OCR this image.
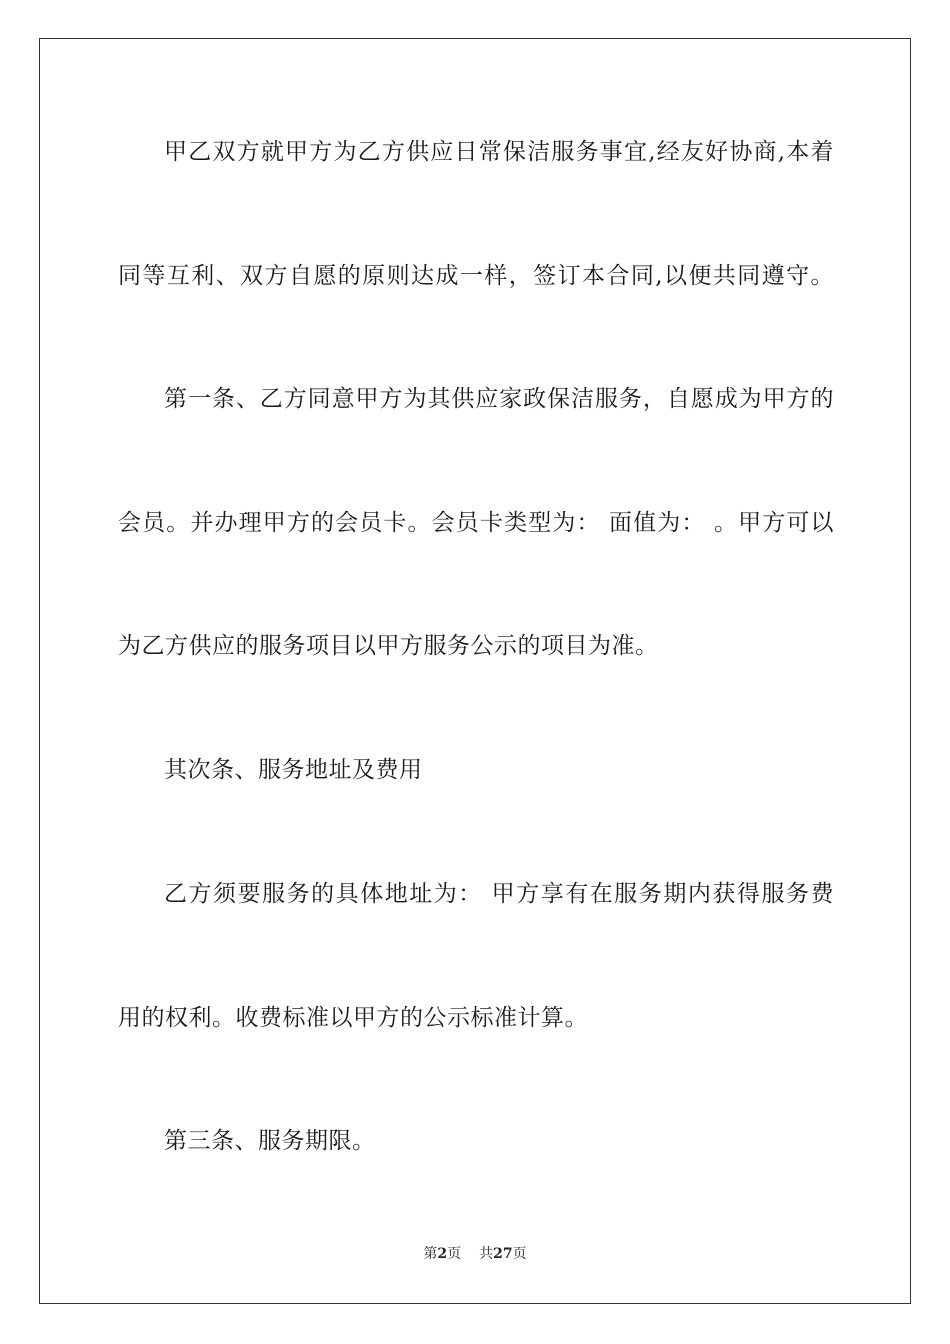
甲乙双方就甲方为乙方供应日常保洁服务事宜,经友好协商,本着
同等互利、双方自愿的原则达成一样，签订本合同,以便共同遵守。
第一条、乙方同意甲方为其供应家政保洁服务，自愿成为甲方的
会员。并办理甲方的会员卡。会员卡类型为： 面值为： 。甲方可以
为乙方供应的服务项目以甲方服务公示的项目为准。
其次条、服务地址及费用
乙方须要服务的具体地址为： 甲方享有在服务期内获得服务费
用的权利。收费标准以甲方的公示标准计算。
第三条、服务期限。
第2页 共27页
